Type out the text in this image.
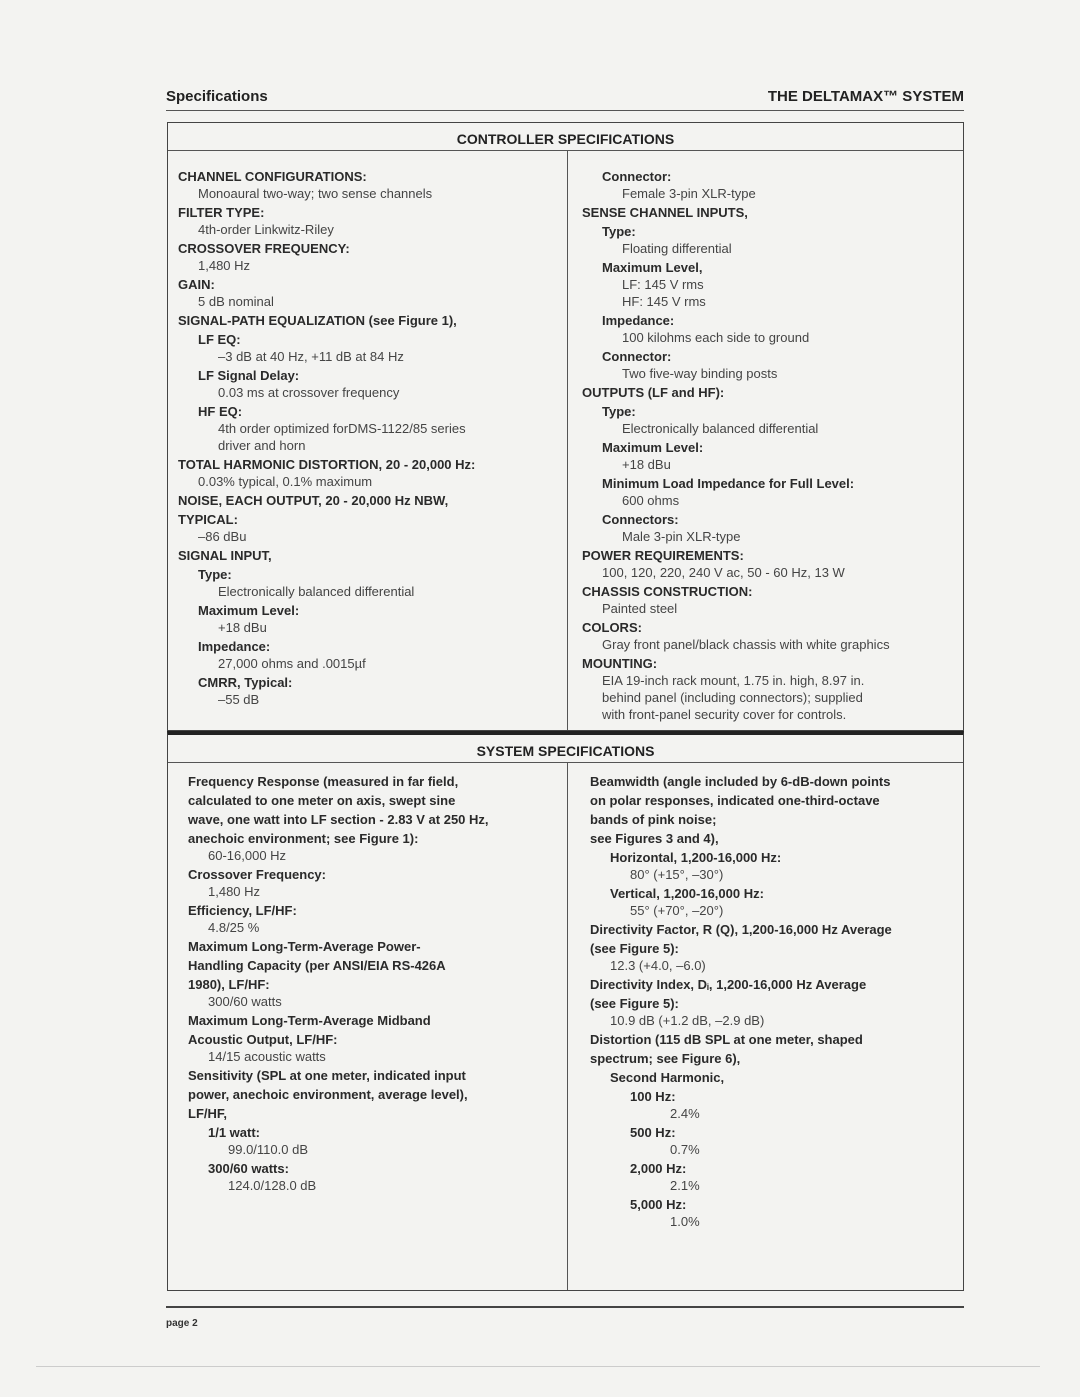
Specifications	THE DELTAMAX™ SYSTEM
CONTROLLER SPECIFICATIONS
SYSTEM SPECIFICATIONS
CHANNEL CONFIGURATIONS:
Monoaural two-way; two sense channels
FILTER TYPE:
4th-order Linkwitz-Riley
CROSSOVER FREQUENCY:
1,480 Hz
GAIN:
5 dB nominal
SIGNAL-PATH EQUALIZATION (see Figure 1),
LF EQ:
–3 dB at 40 Hz, +11 dB at 84 Hz
LF Signal Delay:
0.03 ms at crossover frequency
HF EQ:
4th order optimized forDMS-1122/85 series
driver and horn
TOTAL HARMONIC DISTORTION, 20 - 20,000 Hz:
0.03% typical, 0.1% maximum
NOISE, EACH OUTPUT, 20 - 20,000 Hz NBW,
TYPICAL:
–86 dBu
SIGNAL INPUT,
Type:
Electronically balanced differential
Maximum Level:
+18 dBu
Impedance:
27,000 ohms and .0015µf
CMRR, Typical:
–55 dB
Connector:
Female 3-pin XLR-type
SENSE CHANNEL INPUTS,
Type:
Floating differential
Maximum Level,
LF: 145 V rms
HF: 145 V rms
Impedance:
100 kilohms each side to ground
Connector:
Two five-way binding posts
OUTPUTS (LF and HF):
Type:
Electronically balanced differential
Maximum Level:
+18 dBu
Minimum Load Impedance for Full Level:
600 ohms
Connectors:
Male 3-pin XLR-type
POWER REQUIREMENTS:
100, 120, 220, 240 V ac, 50 - 60 Hz, 13 W
CHASSIS CONSTRUCTION:
Painted steel
COLORS:
Gray front panel/black chassis with white graphics
MOUNTING:
EIA 19-inch rack mount, 1.75 in. high, 8.97 in.
behind panel (including connectors); supplied
with front-panel security cover for controls.
Frequency Response (measured in far field,
calculated to one meter on axis, swept sine
wave, one watt into LF section - 2.83 V at 250 Hz,
anechoic environment; see Figure 1):
60-16,000 Hz
Crossover Frequency:
1,480 Hz
Efficiency, LF/HF:
4.8/25 %
Maximum Long-Term-Average Power-
Handling Capacity (per ANSI/EIA RS-426A
1980), LF/HF:
300/60 watts
Maximum Long-Term-Average Midband
Acoustic Output, LF/HF:
14/15 acoustic watts
Sensitivity (SPL at one meter, indicated input
power, anechoic environment, average level),
LF/HF,
1/1 watt:
99.0/110.0 dB
300/60 watts:
124.0/128.0 dB
Beamwidth (angle included by 6-dB-down points
on polar responses, indicated one-third-octave
bands of pink noise;
see Figures 3 and 4),
Horizontal, 1,200-16,000 Hz:
80° (+15°, –30°)
Vertical, 1,200-16,000 Hz:
55° (+70°, –20°)
Directivity Factor, R (Q), 1,200-16,000 Hz Average
(see Figure 5):
12.3 (+4.0, –6.0)
Directivity Index, Dᵢ, 1,200-16,000 Hz Average
(see Figure 5):
10.9 dB (+1.2 dB, –2.9 dB)
Distortion (115 dB SPL at one meter, shaped
spectrum; see Figure 6),
Second Harmonic,
100 Hz:
2.4%
500 Hz:
0.7%
2,000 Hz:
2.1%
5,000 Hz:
1.0%
page 2
